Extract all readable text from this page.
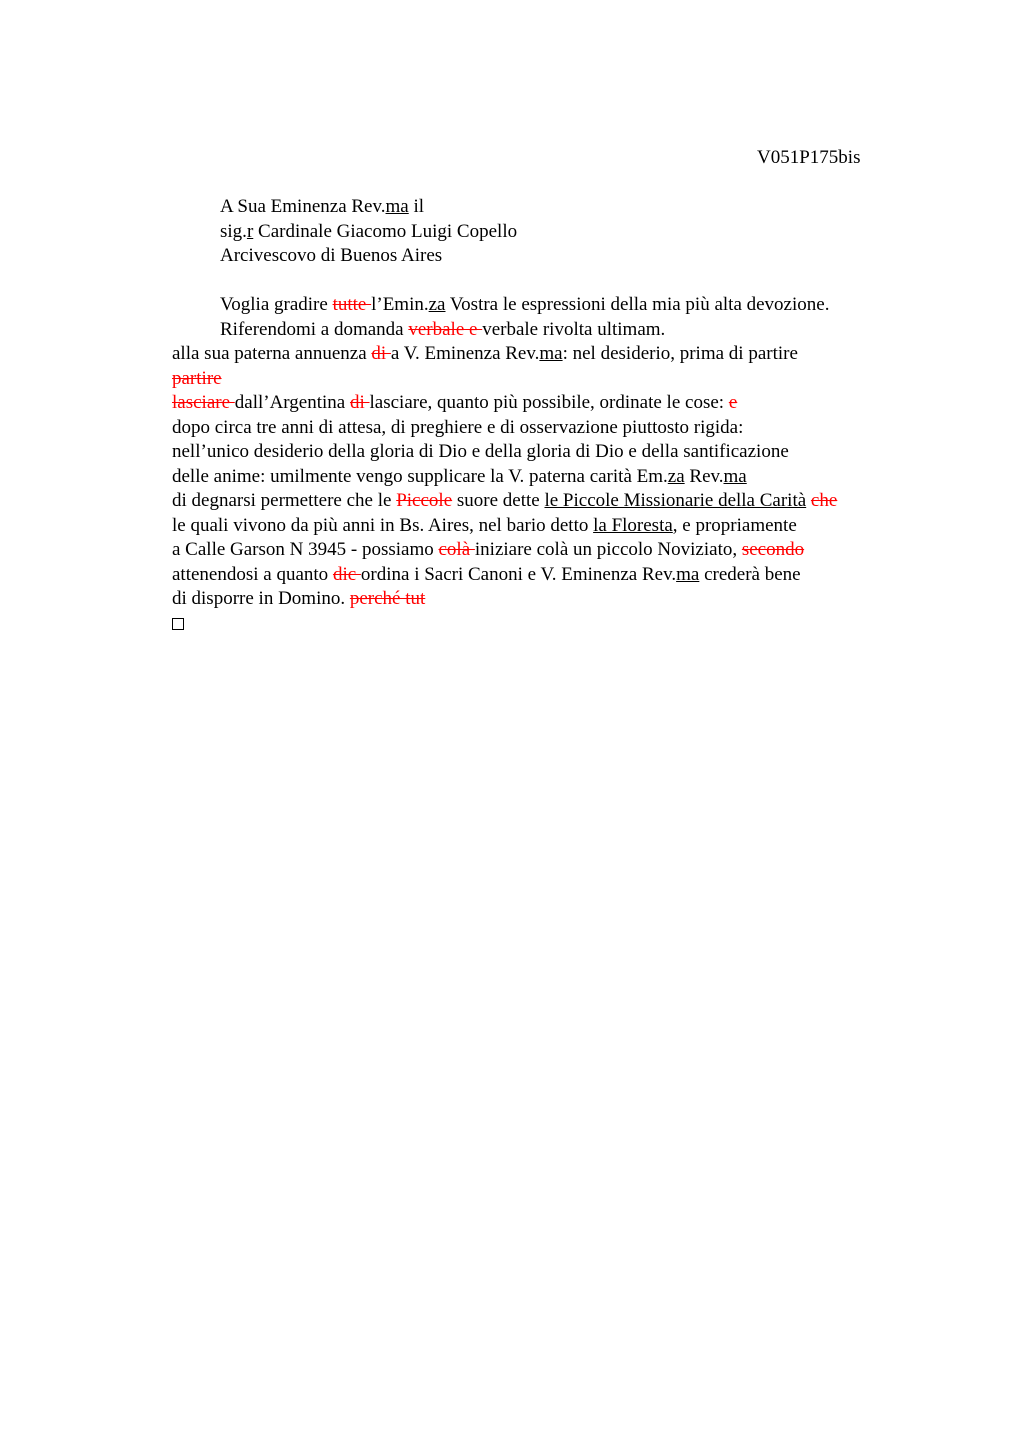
V051P175bis
A Sua Eminenza Rev.ma il
sig.r Cardinale Giacomo Luigi Copello
Arcivescovo di Buenos Aires
Voglia gradire tutte l’Emin.za Vostra le espressioni della mia più alta devozione.
Riferendomi a domanda verbale e verbale rivolta ultimam.
alla sua paterna annuenza di a V. Eminenza Rev.ma: nel desiderio, prima di partire
partire
lasciare dall’Argentina di lasciare, quanto più possibile, ordinate le cose: e
dopo circa tre anni di attesa, di preghiere e di osservazione piuttosto rigida:
nell’unico desiderio della gloria di Dio e della gloria di Dio e della santificazione
delle anime: umilmente vengo supplicare la V. paterna carità Em.za Rev.ma
di degnarsi permettere che le Piccole suore dette le Piccole Missionarie della Carità che
le quali vivono da più anni in Bs. Aires, nel bario detto la Floresta, e propriamente
a Calle Garson N 3945 - possiamo colà iniziare colà un piccolo Noviziato, secondo
attenendosi a quanto dic ordina i Sacri Canoni e V. Eminenza Rev.ma crederà bene
di disporre in Domino. perché tut
